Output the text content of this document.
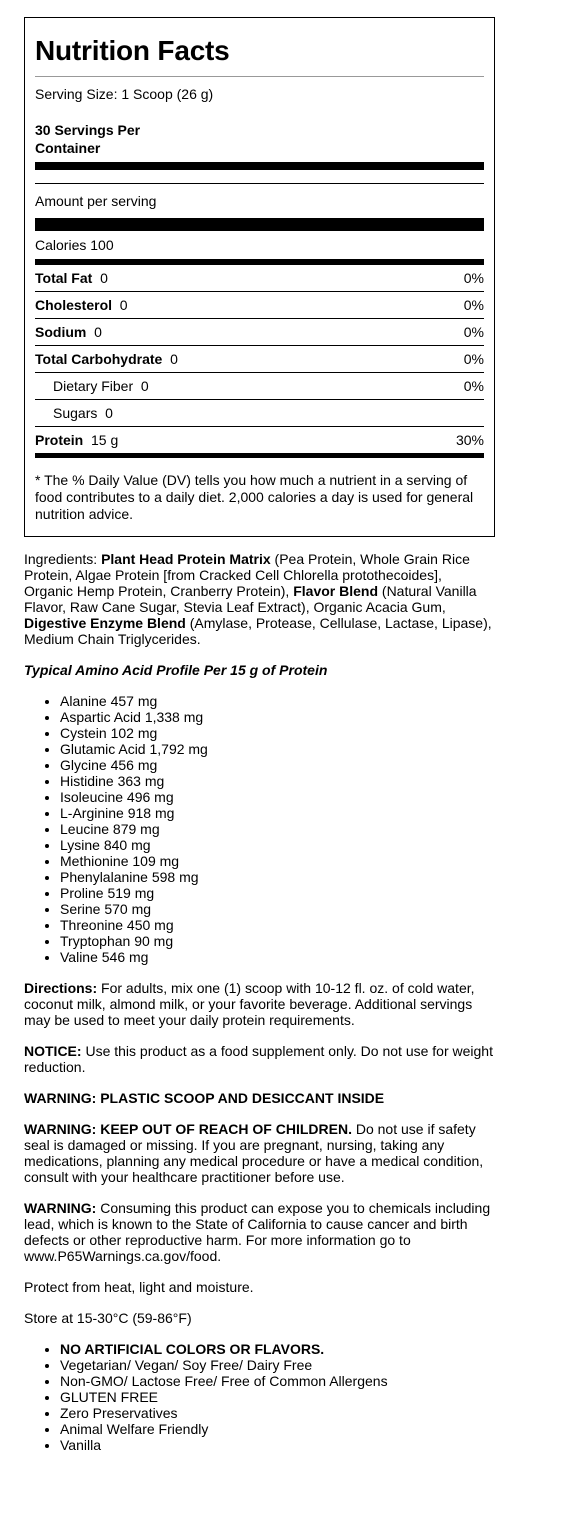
Nutrition Facts
Serving Size: 1 Scoop (26 g)
30 Servings Per
Container
Amount per serving
Calories 100
Total Fat 0	0%
Cholesterol 0	0%
Sodium 0	0%
Total Carbohydrate 0	0%
Dietary Fiber 0	0%
Sugars 0
Protein 15 g	30%
* The % Daily Value (DV) tells you how much a nutrient in a serving of food contributes to a daily diet. 2,000 calories a day is used for general nutrition advice.

Ingredients: Plant Head Protein Matrix (Pea Protein, Whole Grain Rice Protein, Algae Protein [from Cracked Cell Chlorella protothecoides], Organic Hemp Protein, Cranberry Protein), Flavor Blend (Natural Vanilla Flavor, Raw Cane Sugar, Stevia Leaf Extract), Organic Acacia Gum, Digestive Enzyme Blend (Amylase, Protease, Cellulase, Lactase, Lipase), Medium Chain Triglycerides.

Typical Amino Acid Profile Per 15 g of Protein

• Alanine 457 mg
• Aspartic Acid 1,338 mg
• Cystein 102 mg
• Glutamic Acid 1,792 mg
• Glycine 456 mg
• Histidine 363 mg
• Isoleucine 496 mg
• L-Arginine 918 mg
• Leucine 879 mg
• Lysine 840 mg
• Methionine 109 mg
• Phenylalanine 598 mg
• Proline 519 mg
• Serine 570 mg
• Threonine 450 mg
• Tryptophan 90 mg
• Valine 546 mg

Directions: For adults, mix one (1) scoop with 10-12 fl. oz. of cold water, coconut milk, almond milk, or your favorite beverage. Additional servings may be used to meet your daily protein requirements.

NOTICE: Use this product as a food supplement only. Do not use for weight reduction.

WARNING: PLASTIC SCOOP AND DESICCANT INSIDE

WARNING: KEEP OUT OF REACH OF CHILDREN. Do not use if safety seal is damaged or missing. If you are pregnant, nursing, taking any medications, planning any medical procedure or have a medical condition, consult with your healthcare practitioner before use.

WARNING: Consuming this product can expose you to chemicals including lead, which is known to the State of California to cause cancer and birth defects or other reproductive harm. For more information go to www.P65Warnings.ca.gov/food.

Protect from heat, light and moisture.

Store at 15-30°C (59-86°F)

• NO ARTIFICIAL COLORS OR FLAVORS.
• Vegetarian/ Vegan/ Soy Free/ Dairy Free
• Non-GMO/ Lactose Free/ Free of Common Allergens
• GLUTEN FREE
• Zero Preservatives
• Animal Welfare Friendly
• Vanilla
